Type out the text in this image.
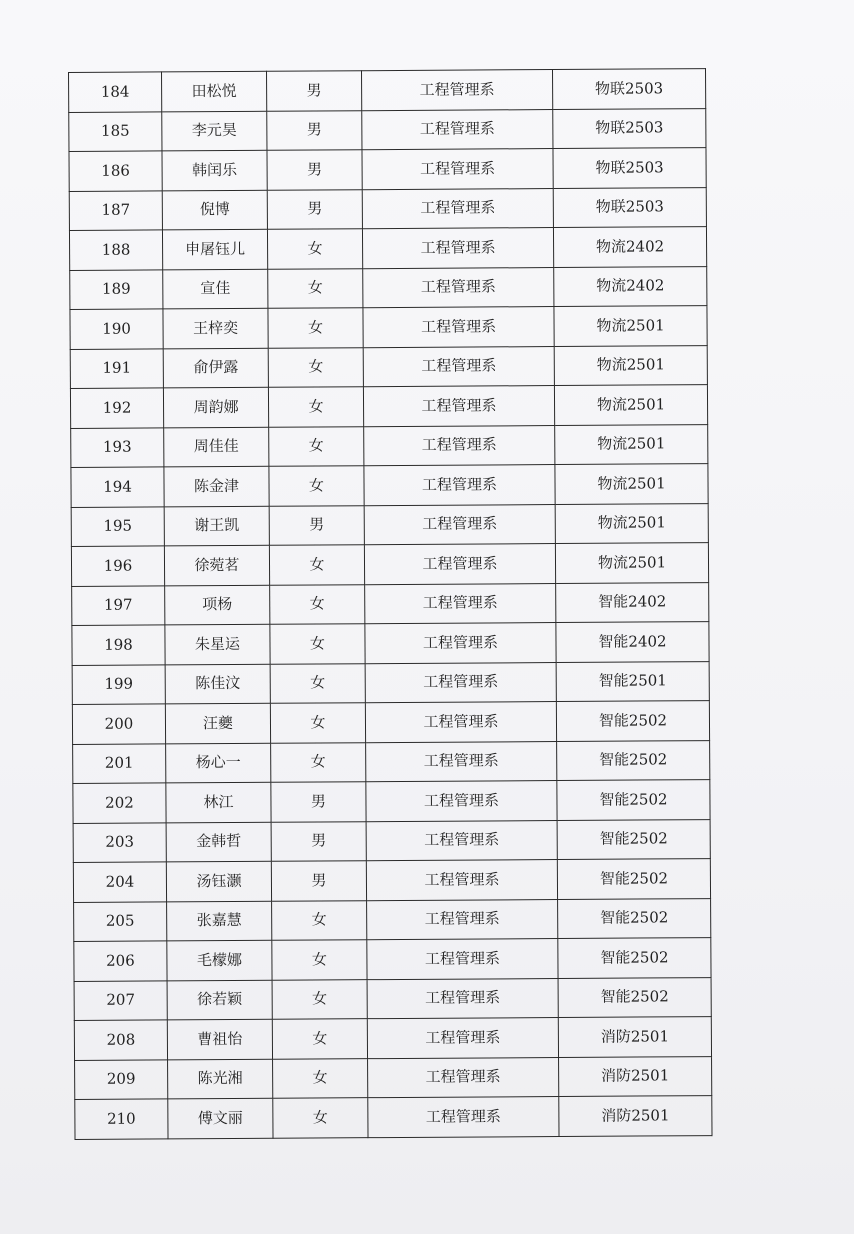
184	田松悦	男	工程管理系	物联2503
185	李元昊	男	工程管理系	物联2503
186	韩闰乐	男	工程管理系	物联2503
187	倪博	男	工程管理系	物联2503
188	申屠钰儿	女	工程管理系	物流2402
189	宣佳	女	工程管理系	物流2402
190	王梓奕	女	工程管理系	物流2501
191	俞伊露	女	工程管理系	物流2501
192	周韵娜	女	工程管理系	物流2501
193	周佳佳	女	工程管理系	物流2501
194	陈金津	女	工程管理系	物流2501
195	谢王凯	男	工程管理系	物流2501
196	徐菀茗	女	工程管理系	物流2501
197	项杨	女	工程管理系	智能2402
198	朱星运	女	工程管理系	智能2402
199	陈佳汶	女	工程管理系	智能2501
200	汪夔	女	工程管理系	智能2502
201	杨心一	女	工程管理系	智能2502
202	林江	男	工程管理系	智能2502
203	金韩哲	男	工程管理系	智能2502
204	汤钰灏	男	工程管理系	智能2502
205	张嘉慧	女	工程管理系	智能2502
206	毛檬娜	女	工程管理系	智能2502
207	徐若颖	女	工程管理系	智能2502
208	曹祖怡	女	工程管理系	消防2501
209	陈光湘	女	工程管理系	消防2501
210	傅文丽	女	工程管理系	消防2501
